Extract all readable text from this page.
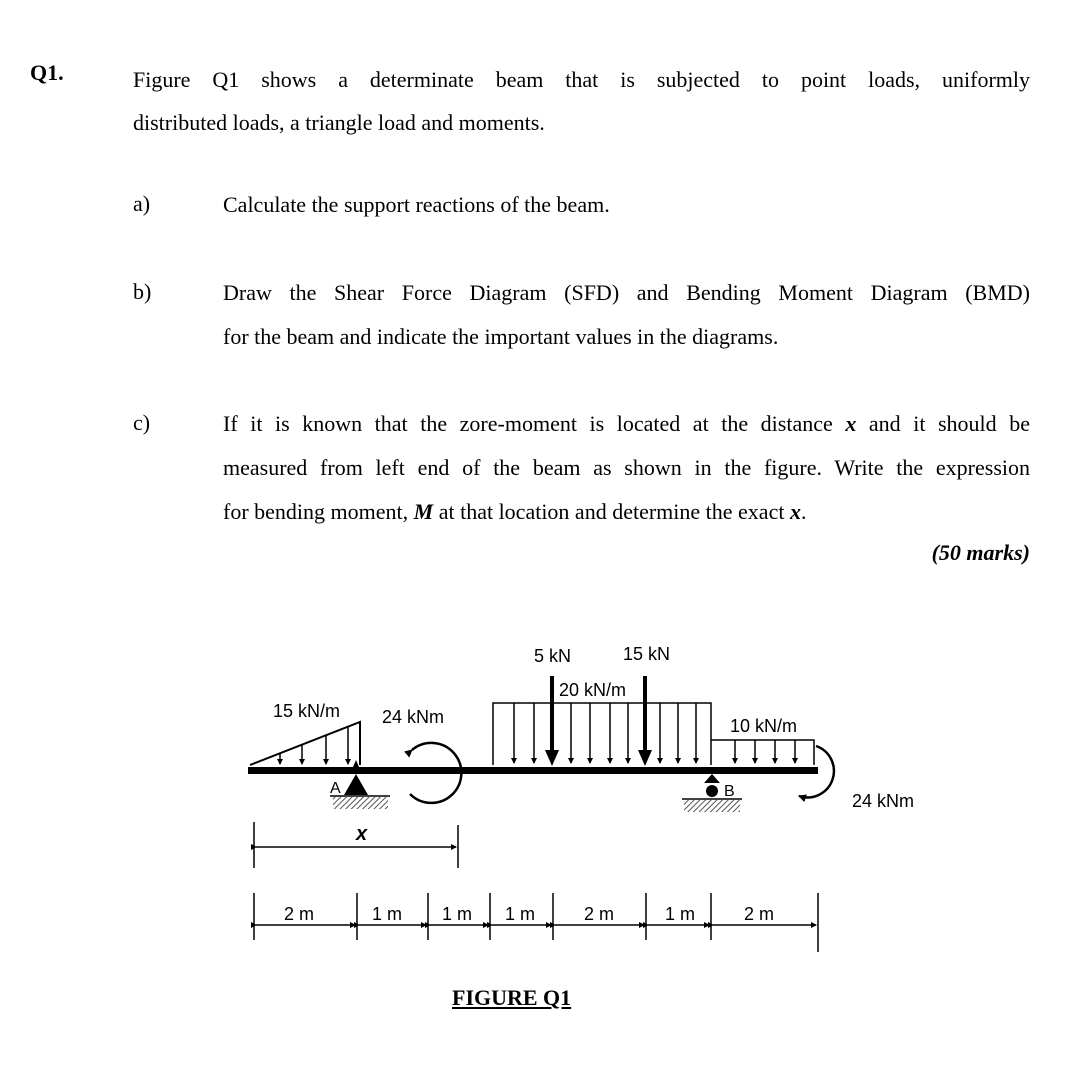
Q1.	Figure Q1 shows a determinate beam that is subjected to point loads, uniformly
distributed loads, a triangle load and moments.
a)	Calculate the support reactions of the beam.
b)	Draw the Shear Force Diagram (SFD) and Bending Moment Diagram (BMD)
for the beam and indicate the important values in the diagrams.
c)	If it is known that the zore-moment is located at the distance x and it should be
measured from left end of the beam as shown in the figure. Write the expression
for bending moment, M at that location and determine the exact x.
(50 marks)
15 kN/m 24 kNm
20 kN/m
5 kN	15 kN
10 kN/m
24 kNm
A	B
x
2 m	1 m 1 m 1 m	2 m	1 m	2 m
FIGURE Q1
